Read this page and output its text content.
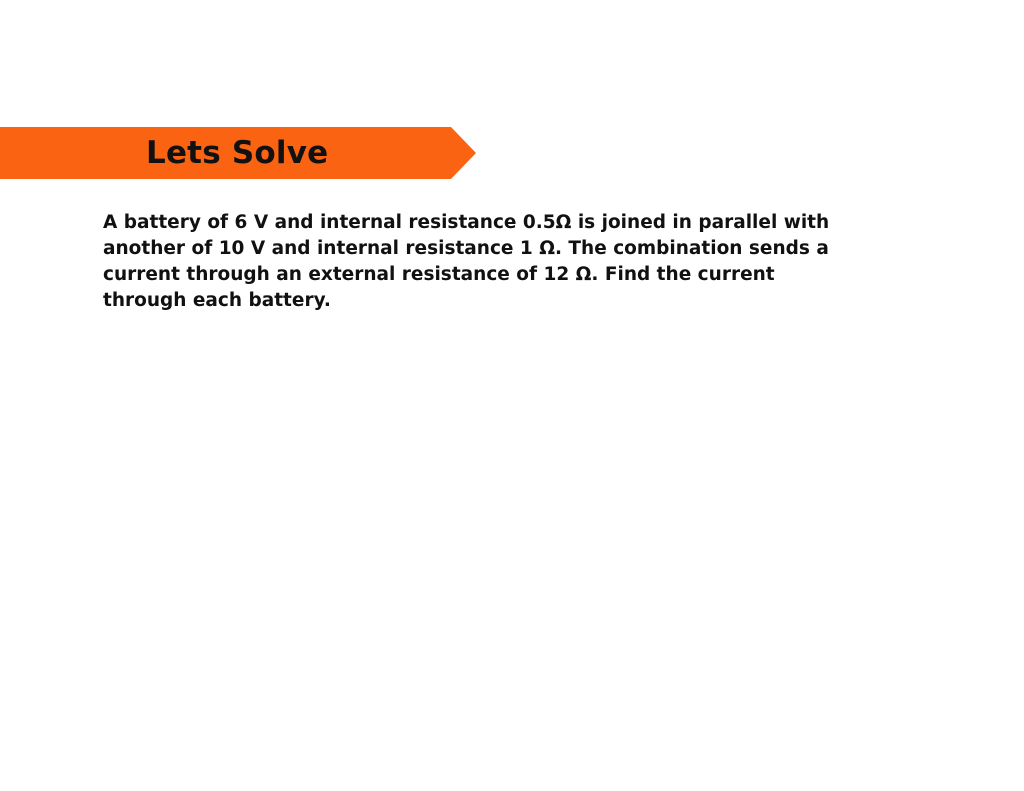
Lets Solve

A battery of 6 V and internal resistance 0.5Ω is joined in parallel with another of 10 V and internal resistance 1 Ω. The combination sends a current through an external resistance of 12 Ω. Find the current through each battery.
